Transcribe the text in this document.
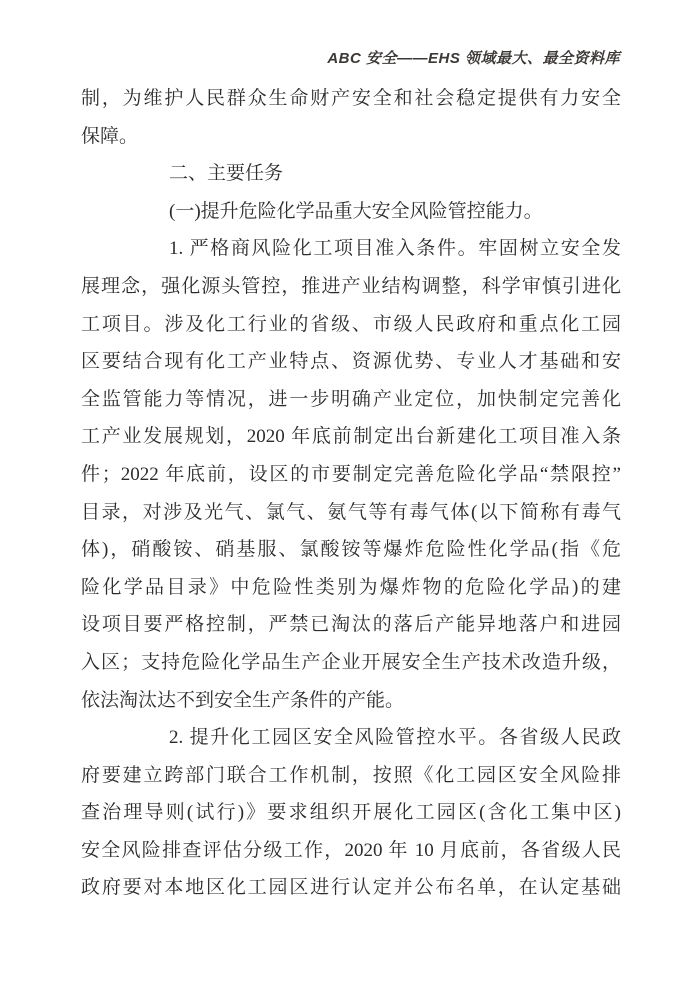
ABC 安全——EHS 领域最大、最全资料库
制，为维护人民群众生命财产安全和社会稳定提供有力安全
保障。
二、主要任务
(一)提升危险化学品重大安全风险管控能力。
1. 严格商风险化工项目准入条件。牢固树立安全发
展理念，强化源头管控，推进产业结构调整，科学审慎引进化
工项目。涉及化工行业的省级、市级人民政府和重点化工园
区要结合现有化工产业特点、资源优势、专业人才基础和安
全监管能力等情况，进一步明确产业定位，加快制定完善化
工产业发展规划，2020 年底前制定出台新建化工项目准入条
件；2022 年底前，设区的市要制定完善危险化学品“禁限控”
目录，对涉及光气、氯气、氨气等有毒气体(以下简称有毒气
体)，硝酸铵、硝基服、氯酸铵等爆炸危险性化学品(指《危
险化学品目录》中危险性类别为爆炸物的危险化学品)的建
设项目要严格控制，严禁已淘汰的落后产能异地落户和进园
入区；支持危险化学品生产企业开展安全生产技术改造升级，
依法淘汰达不到安全生产条件的产能。
2. 提升化工园区安全风险管控水平。各省级人民政
府要建立跨部门联合工作机制，按照《化工园区安全风险排
查治理导则(试行)》要求组织开展化工园区(含化工集中区)
安全风险排查评估分级工作，2020 年 10 月底前，各省级人民
政府要对本地区化工园区进行认定并公布名单，在认定基础
